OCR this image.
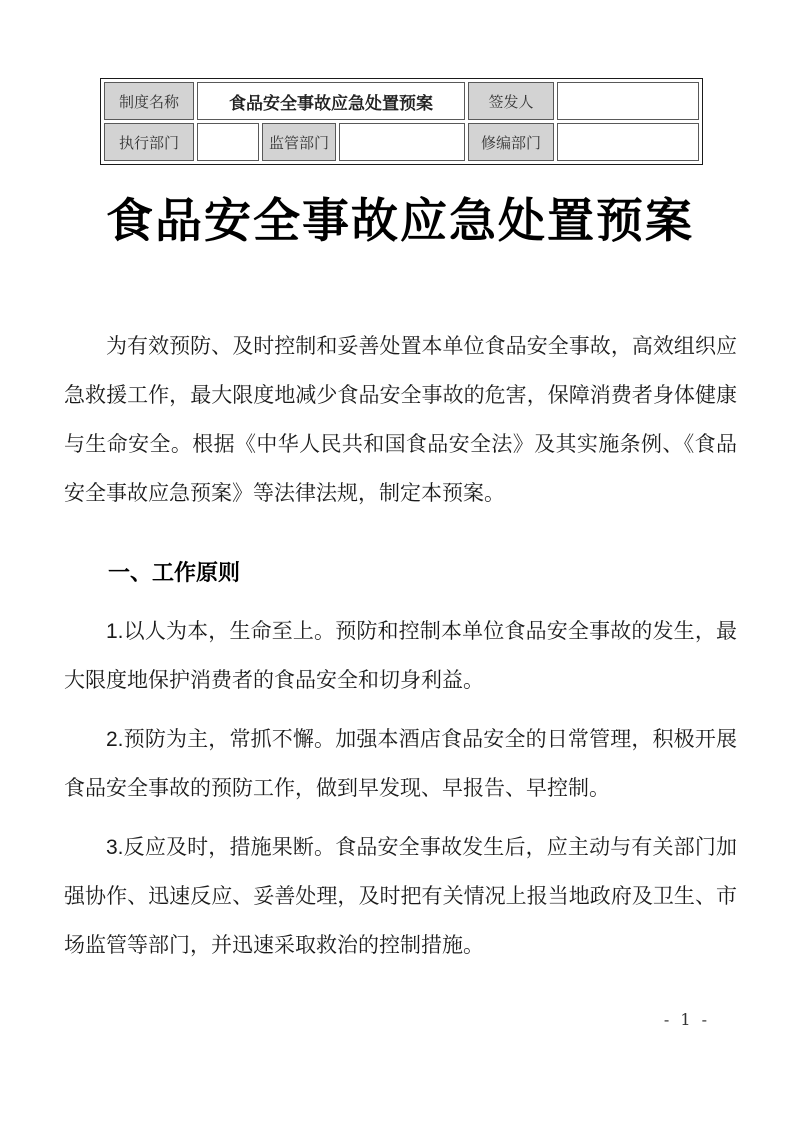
制度名称	食品安全事故应急处置预案			签发人	
执行部门		监管部门		修编部门	
食品安全事故应急处置预案

为有效预防、及时控制和妥善处置本单位食品安全事故，高效组织应急救援工作，最大限度地减少食品安全事故的危害，保障消费者身体健康与生命安全。根据《中华人民共和国食品安全法》及其实施条例、《食品安全事故应急预案》等法律法规，制定本预案。

一、工作原则

1.以人为本，生命至上。预防和控制本单位食品安全事故的发生，最大限度地保护消费者的食品安全和切身利益。

2.预防为主，常抓不懈。加强本酒店食品安全的日常管理，积极开展食品安全事故的预防工作，做到早发现、早报告、早控制。

3.反应及时，措施果断。食品安全事故发生后，应主动与有关部门加强协作、迅速反应、妥善处理，及时把有关情况上报当地政府及卫生、市场监管等部门，并迅速采取救治的控制措施。

- 1 -
